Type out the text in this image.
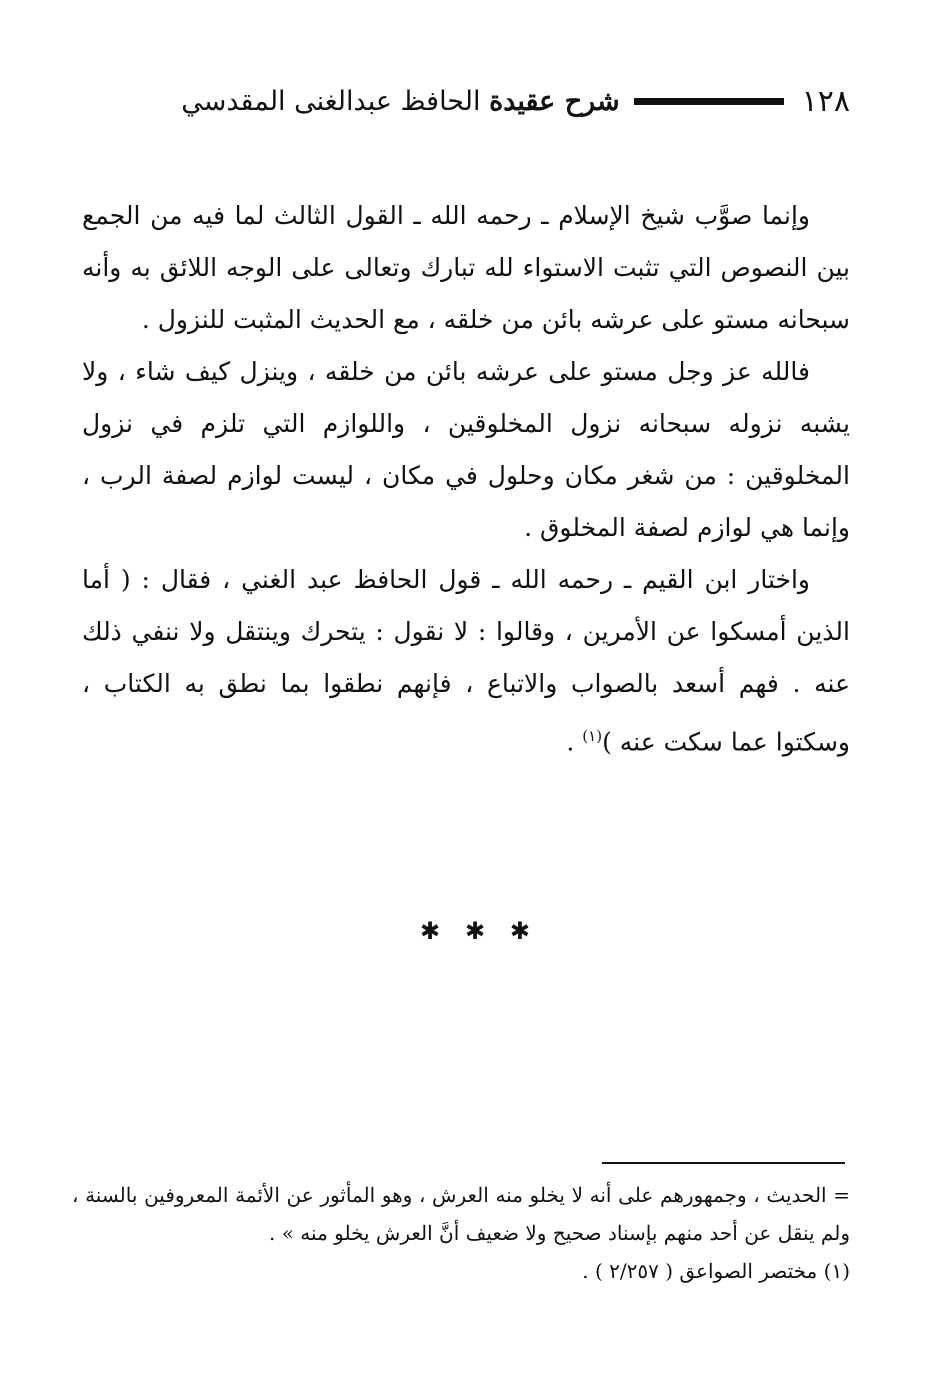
١٢٨
شرح عقيدة الحافظ عبدالغنى المقدسي

وإنما صوَّب شيخ الإسلام ـ رحمه الله ـ القول الثالث لما فيه من الجمع بين النصوص التي تثبت الاستواء لله تبارك وتعالى على الوجه اللائق به وأنه سبحانه مستو على عرشه بائن من خلقه ، مع الحديث المثبت للنزول .

فالله عز وجل مستو على عرشه بائن من خلقه ، وينزل كيف شاء ، ولا يشبه نزوله سبحانه نزول المخلوقين ، واللوازم التي تلزم في نزول المخلوقين : من شغر مكان وحلول في مكان ، ليست لوازم لصفة الرب ، وإنما هي لوازم لصفة المخلوق .

واختار ابن القيم ـ رحمه الله ـ قول الحافظ عبد الغني ، فقال : ( أما الذين أمسكوا عن الأمرين ، وقالوا : لا نقول : يتحرك وينتقل ولا ننفي ذلك عنه . فهم أسعد بالصواب والاتباع ، فإنهم نطقوا بما نطق به الكتاب ، وسكتوا عما سكت عنه )$^{(١)}$ .

✱ ✱ ✱

= الحديث ، وجمهورهم على أنه لا يخلو منه العرش ، وهو المأثور عن الأئمة المعروفين بالسنة ، ولم ينقل عن أحد منهم بإسناد صحيح ولا ضعيف أنَّ العرش يخلو منه » .

(١) مختصر الصواعق ( ٢/٢٥٧ ) .
